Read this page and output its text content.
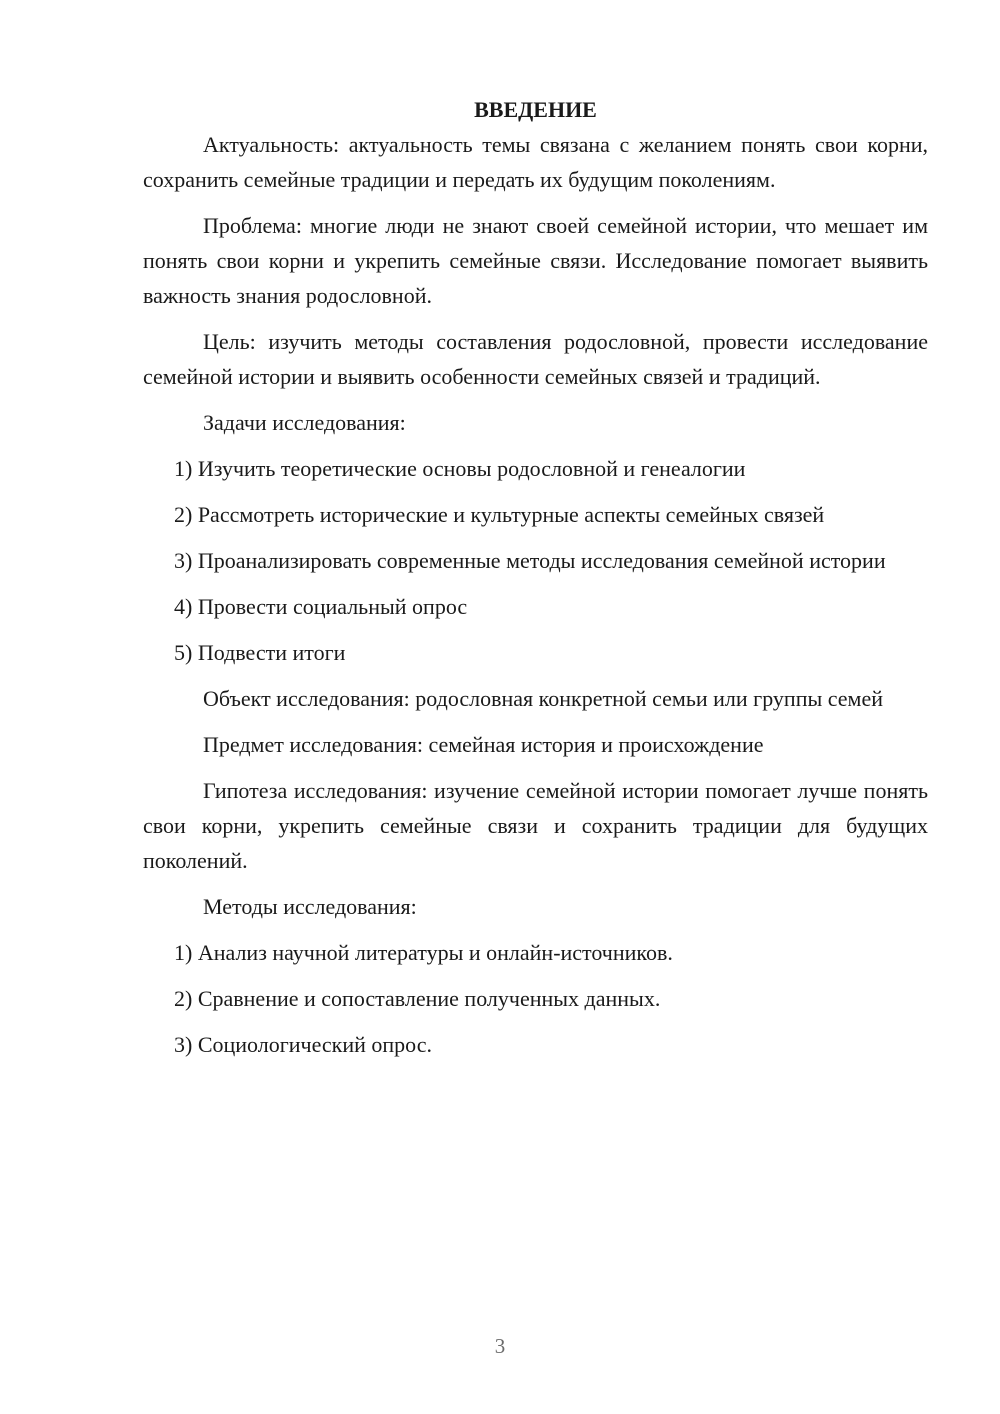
ВВЕДЕНИЕ

Актуальность: актуальность темы связана с желанием понять свои корни, сохранить семейные традиции и передать их будущим поколениям.

Проблема: многие люди не знают своей семейной истории, что мешает им понять свои корни и укрепить семейные связи. Исследование помогает выявить важность знания родословной.

Цель: изучить методы составления родословной, провести исследование семейной истории и выявить особенности семейных связей и традиций.

Задачи исследования:

1) Изучить теоретические основы родословной и генеалогии

2) Рассмотреть исторические и культурные аспекты семейных связей

3) Проанализировать современные методы исследования семейной истории

4) Провести социальный опрос

5) Подвести итоги

Объект исследования: родословная конкретной семьи или группы семей

Предмет исследования: семейная история и происхождение

Гипотеза исследования: изучение семейной истории помогает лучше понять свои корни, укрепить семейные связи и сохранить традиции для будущих поколений.

Методы исследования:

1) Анализ научной литературы и онлайн-источников.

2) Сравнение и сопоставление полученных данных.

3) Социологический опрос.

3
